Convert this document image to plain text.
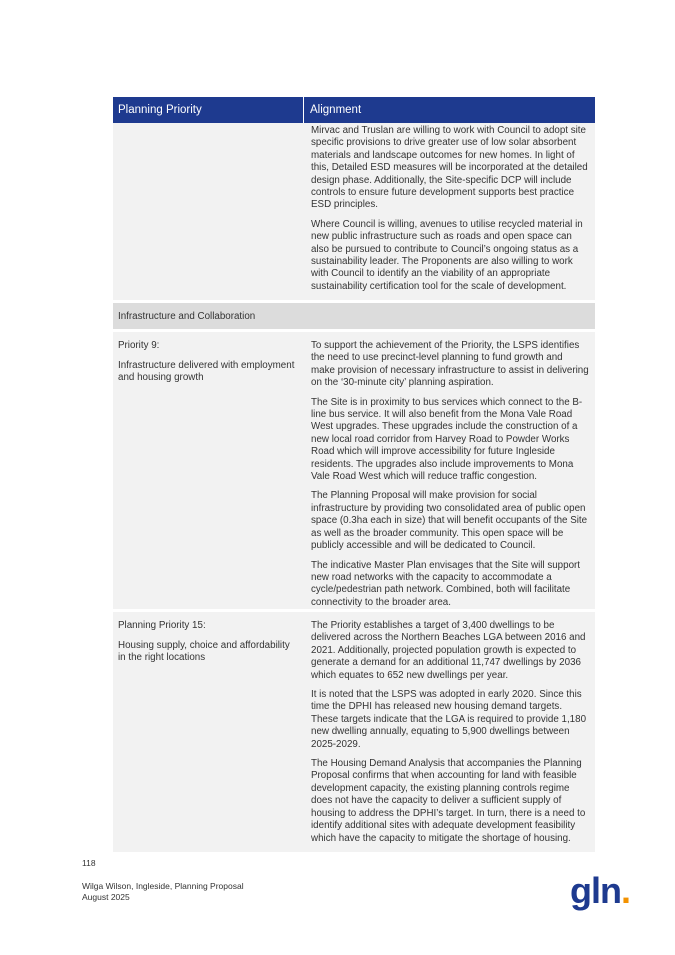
Planning Priority	Alignment

Mirvac and Truslan are willing to work with Council to adopt site specific provisions to drive greater use of low solar absorbent materials and landscape outcomes for new homes. In light of this, Detailed ESD measures will be incorporated at the detailed design phase. Additionally, the Site-specific DCP will include controls to ensure future development supports best practice ESD principles.

Where Council is willing, avenues to utilise recycled material in new public infrastructure such as roads and open space can also be pursued to contribute to Council’s ongoing status as a sustainability leader. The Proponents are also willing to work with Council to identify an the viability of an appropriate sustainability certification tool for the scale of development.

Infrastructure and Collaboration

Priority 9:

Infrastructure delivered with employment and housing growth

To support the achievement of the Priority, the LSPS identifies the need to use precinct-level planning to fund growth and make provision of necessary infrastructure to assist in delivering on the ‘30-minute city’ planning aspiration.

The Site is in proximity to bus services which connect to the B-line bus service. It will also benefit from the Mona Vale Road West upgrades. These upgrades include the construction of a new local road corridor from Harvey Road to Powder Works Road which will improve accessibility for future Ingleside residents. The upgrades also include improvements to Mona Vale Road West which will reduce traffic congestion.

The Planning Proposal will make provision for social infrastructure by providing two consolidated area of public open space (0.3ha each in size) that will benefit occupants of the Site as well as the broader community. This open space will be publicly accessible and will be dedicated to Council.

The indicative Master Plan envisages that the Site will support new road networks with the capacity to accommodate a cycle/pedestrian path network. Combined, both will facilitate connectivity to the broader area.

Planning Priority 15:

Housing supply, choice and affordability in the right locations

The Priority establishes a target of 3,400 dwellings to be delivered across the Northern Beaches LGA between 2016 and 2021. Additionally, projected population growth is expected to generate a demand for an additional 11,747 dwellings by 2036 which equates to 652 new dwellings per year.

It is noted that the LSPS was adopted in early 2020. Since this time the DPHI has released new housing demand targets. These targets indicate that the LGA is required to provide 1,180 new dwelling annually, equating to 5,900 dwellings between 2025-2029.

The Housing Demand Analysis that accompanies the Planning Proposal confirms that when accounting for land with feasible development capacity, the existing planning controls regime does not have the capacity to deliver a sufficient supply of housing to address the DPHI’s target. In turn, there is a need to identify additional sites with adequate development feasibility which have the capacity to mitigate the shortage of housing.

118
Wilga Wilson, Ingleside, Planning Proposal
August 2025	gln.
